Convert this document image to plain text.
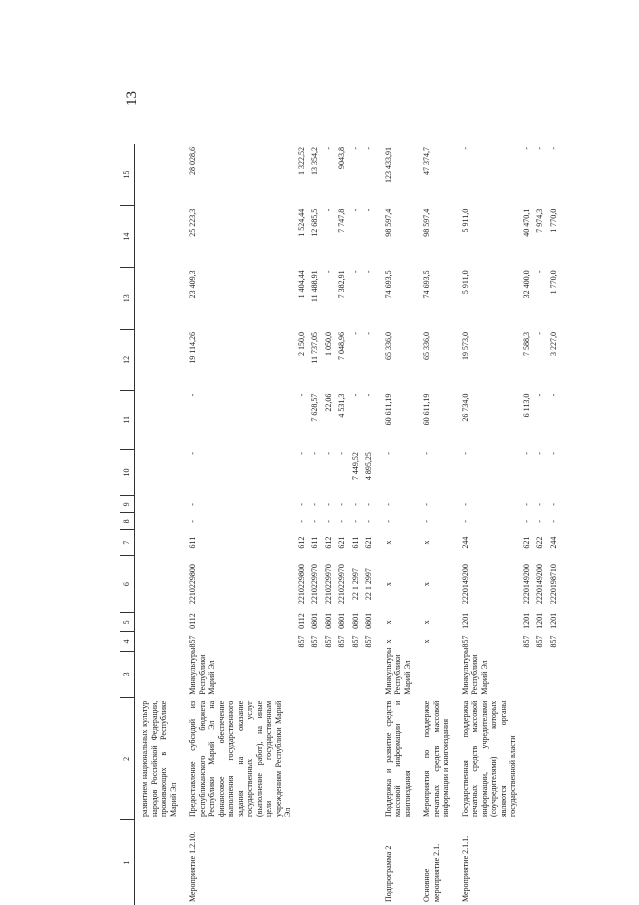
13
1	2	3	4	5	6	7	8	9	10	11	12	13	14	15
	развитием национальных культур народов Российской Федерации, проживающих в Республике Марий Эл													
Мероприятие 1.2.10.	Предоставление субсидий из республиканского бюджета Республики Марий Эл на финансовое обеспечение выполнения государственного задания на оказание государственных услуг (выполнение работ), на иные цели государственным учреждениям Республики Марий Эл	Минкультуры Республики Марий Эл	857	0112	2210229800	611	-	-	-	-	19 114,26	23 409,3	25 223,3	28 028,6
			857	0112	2210229800	612	-	-	-	-	2 150,0	1 404,44	1 524,44	1 322,52
			857	0801	2210229970	611	-	-	-	7 628,57	11 737,05	11 488,91	12 685,5	13 354,2
			857	0801	2210229970	612	-	-	-	22,06	1 050,0	-	-	-
			857	0801	2210229970	621	-	-	-	4 531,3	7 048,96	7 382,91	7 747,8	9043,8
			857	0801	22 1 2997	611	-	-	7 449,52	-	-	-	-	-
			857	0801	22 1 2997	621	-	-	4 895,25	-	-	-	-	-
Подпрограмма 2	Поддержка и развитие средств массовой информации и книгоиздания	Минкультуры Республики Марий Эл	х	х	х	х	-	-	-	60 611,19	65 336,0	74 693,5	98 597,4	123 433,91
Основное мероприятие 2.1.	Мероприятия по поддержке печатных средств массовой информации и книгоиздания		х	х	х	х	-	-	-	60 611,19	65 336,0	74 693,5	98 597,4	47 374,7
Мероприятие 2.1.1.	Государственная поддержка печатных средств массовой информации, учредителями (соучредителями) которых являются органы государственной власти	Минкультуры Республики Марий Эл	857	1201	2220149200	244	-	-	-	26 734,0	19 573,0	5 911,0	5 911,0	-
			857	1201	2220149200	621	-	-	-	6 113,0	7 588,3	32 400,0	40 470,1	-
			857	1201	2220149200	622	-	-	-	-	-	-	7 974,3	-
			857	1201	2220198710	244	-	-	-	-	3 227,0	1 770,0	1 770,0	-
